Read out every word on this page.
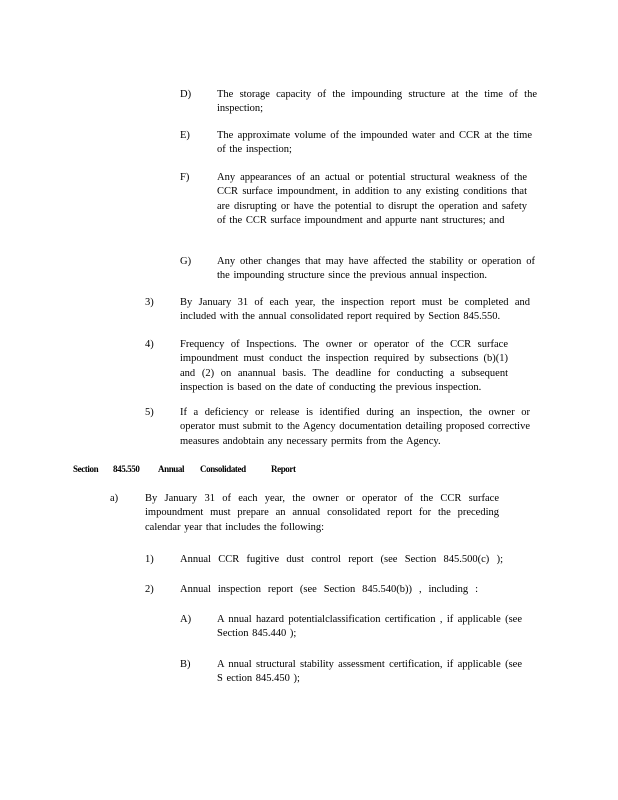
D) The storage capacity of the impounding structure at the time of the inspection;
E)	The approximate volume of the impounded water and CCR at the time of the inspection;
F)	Any appearances of an actual or potential structural weakness of the CCR surface impoundment, in addition to any existing conditions that are disrupting or have the potential to disrupt the operation and safety of the CCR surface impoundment and appurte nant structures; and
G) Any other changes that may have affected the stability or operation of the impounding structure since the previous annual inspection.
3)	By January 31 of each year, the inspection report must be completed and included with the annual consolidated report required by Section 845.550.
4)	Frequency of Inspections. The owner or operator of the CCR surface impoundment must conduct the inspection required by subsections (b)(1) and (2) on anannual basis. The deadline for conducting a subsequent inspection is based on the date of conducting the previous inspection.
5)	If a deficiency or release is identified during an inspection, the owner or operator must submit to the Agency documentation detailing proposed corrective measures andobtain any necessary permits from the Agency.
Section 845.550 Annual Consolidated	Report
a)	By January 31 of each year, the owner or operator of the CCR surface impoundment must prepare an annual consolidated report for the preceding calendar year that includes the following:
1)	Annual CCR fugitive dust control report (see Section 845.500(c) );
2)	Annual inspection report (see Section 845.540(b)) , including :
A) A nnual hazard potentialclassification certification , if applicable (see Section 845.440 );
B)	A nnual structural stability assessment certification, if applicable (see S ection 845.450 );
